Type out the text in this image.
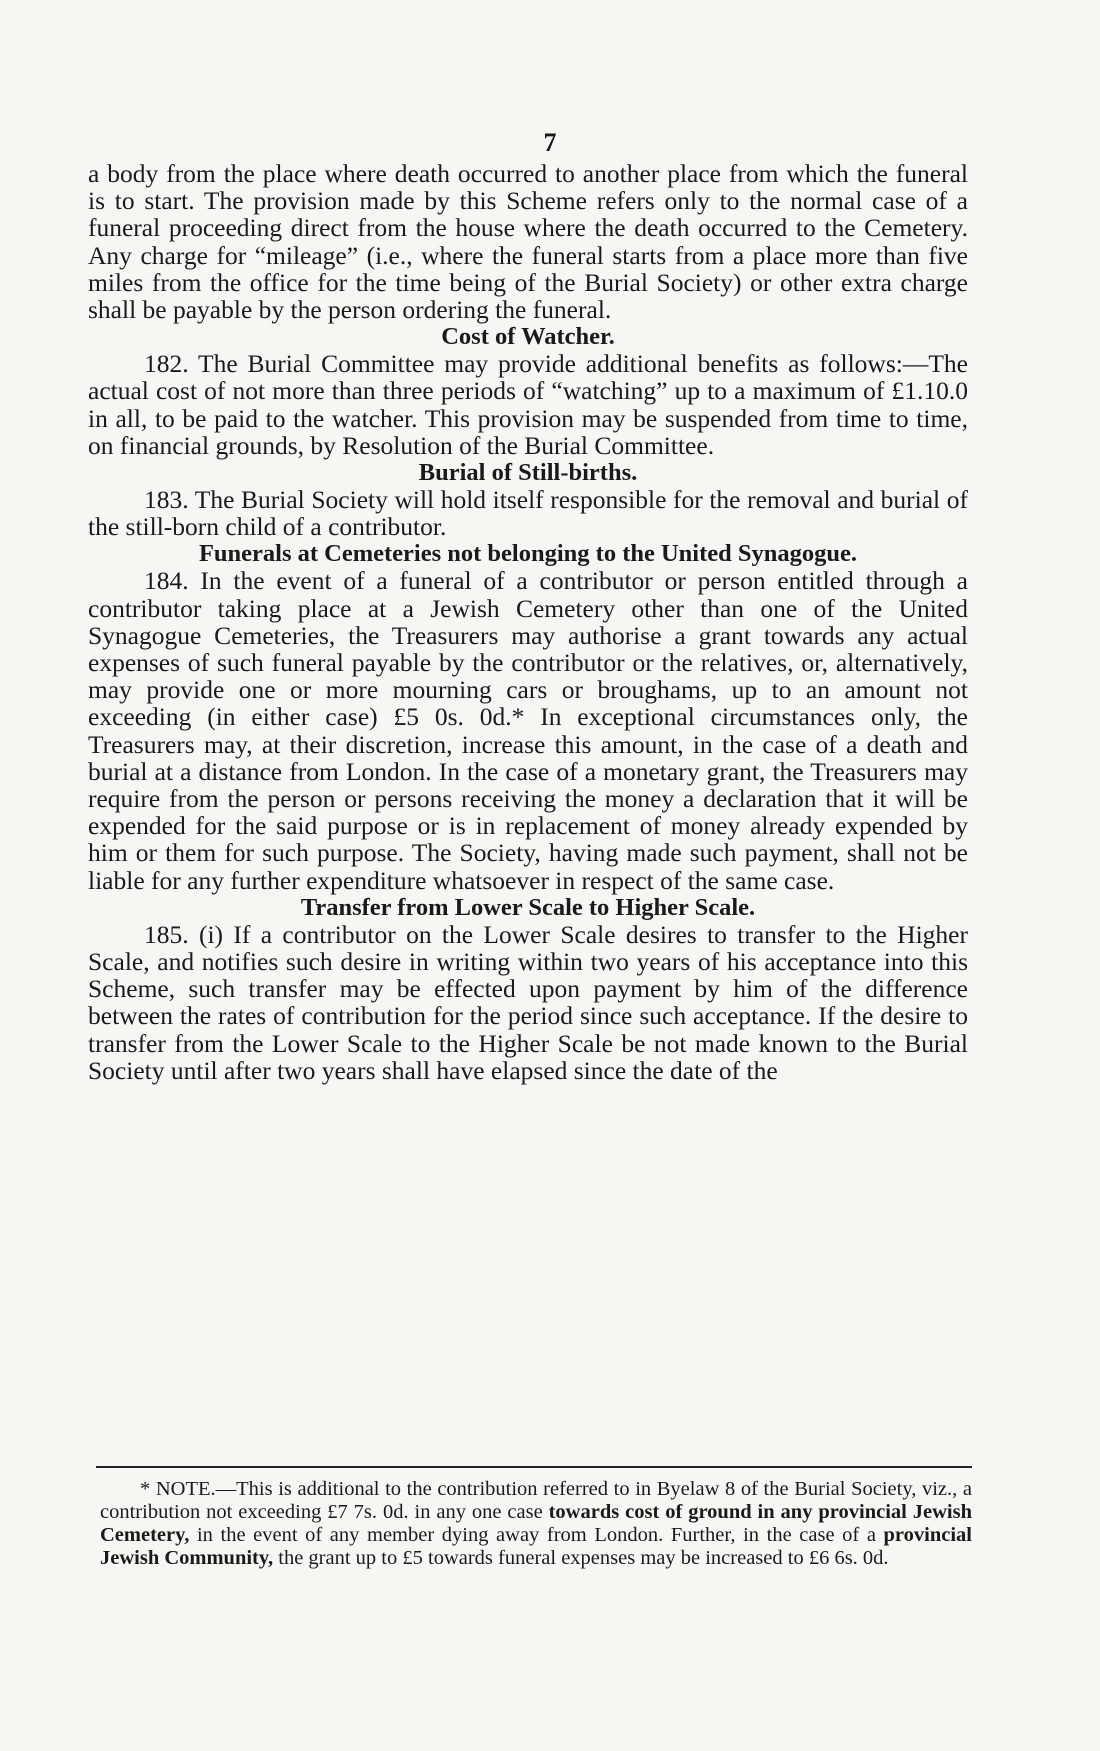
7

a body from the place where death occurred to another place from which the funeral is to start. The provision made by this Scheme refers only to the normal case of a funeral proceeding direct from the house where the death occurred to the Cemetery. Any charge for “mileage” (i.e., where the funeral starts from a place more than five miles from the office for the time being of the Burial Society) or other extra charge shall be payable by the person ordering the funeral.

Cost of Watcher.

182. The Burial Committee may provide additional benefits as follows:—The actual cost of not more than three periods of “watching” up to a maximum of £1.10.0 in all, to be paid to the watcher. This provision may be suspended from time to time, on financial grounds, by Resolution of the Burial Committee.

Burial of Still-births.

183. The Burial Society will hold itself responsible for the removal and burial of the still-born child of a contributor.

Funerals at Cemeteries not belonging to the United Synagogue.

184. In the event of a funeral of a contributor or person entitled through a contributor taking place at a Jewish Cemetery other than one of the United Synagogue Cemeteries, the Treasurers may authorise a grant towards any actual expenses of such funeral payable by the contributor or the relatives, or, alternatively, may provide one or more mourning cars or broughams, up to an amount not exceeding (in either case) £5 0s. 0d.* In exceptional circumstances only, the Treasurers may, at their discretion, increase this amount, in the case of a death and burial at a distance from London. In the case of a monetary grant, the Treasurers may require from the person or persons receiving the money a declaration that it will be expended for the said purpose or is in replacement of money already expended by him or them for such purpose. The Society, having made such payment, shall not be liable for any further expenditure whatsoever in respect of the same case.

Transfer from Lower Scale to Higher Scale.

185. (i) If a contributor on the Lower Scale desires to transfer to the Higher Scale, and notifies such desire in writing within two years of his acceptance into this Scheme, such transfer may be effected upon payment by him of the difference between the rates of contribution for the period since such acceptance. If the desire to transfer from the Lower Scale to the Higher Scale be not made known to the Burial Society until after two years shall have elapsed since the date of the

* NOTE.—This is additional to the contribution referred to in Byelaw 8 of the Burial Society, viz., a contribution not exceeding £7 7s. 0d. in any one case towards cost of ground in any provincial Jewish Cemetery, in the event of any member dying away from London. Further, in the case of a provincial Jewish Community, the grant up to £5 towards funeral expenses may be increased to £6 6s. 0d.
